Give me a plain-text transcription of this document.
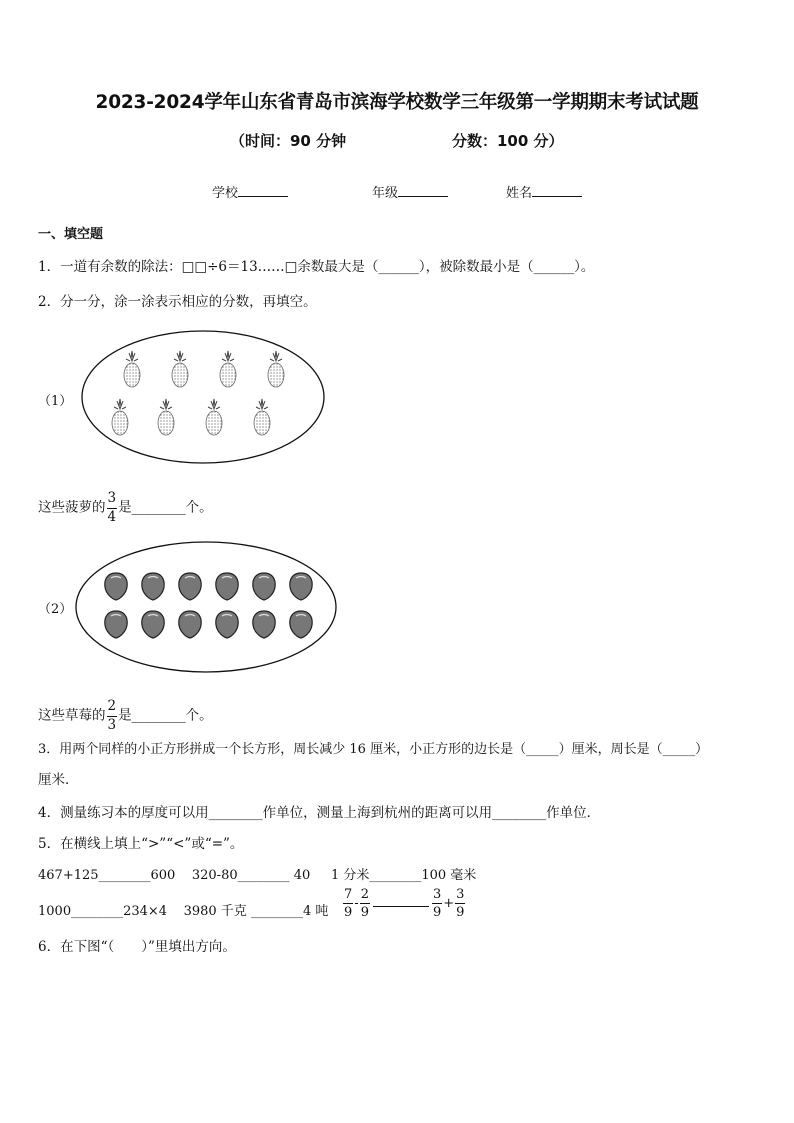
2023-2024学年山东省青岛市滨海学校数学三年级第一学期期末考试试题
（时间：90 分钟	分数：100 分）
学校	年级	姓名
一、填空题
1．一道有余数的除法：□□÷6＝13……□余数最大是（______），被除数最小是（______）。
2．分一分，涂一涂表示相应的分数，再填空。
（1）
这些菠萝的 $\frac{3}{4}$ 是________个。
（2）
这些草莓的 $\frac{2}{3}$ 是________个。
3．用两个同样的小正方形拼成一个长方形，周长减少 16 厘米，小正方形的边长是（_____）厘米，周长是（_____）
厘米．
4．测量练习本的厚度可以用________作单位，测量上海到杭州的距离可以用________作单位．
5．在横线上填上“>”“<”或“=”。
467+125________600    320-80________ 40     1 分米________100 毫米
1000________234×4    3980 千克 ________4 吨 $\frac{7}{9} - \frac{2}{9}$	$\frac{3}{9} + \frac{3}{9}$
6．在下图“（　　）”里填出方向。
